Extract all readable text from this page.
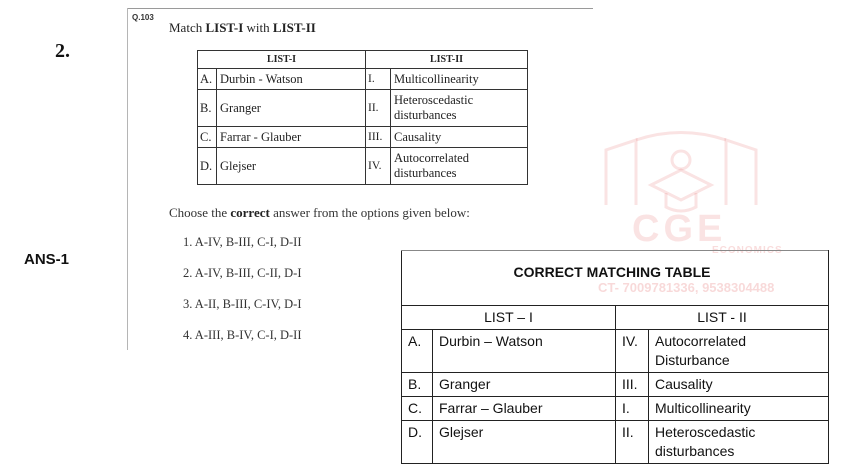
2.
ANS-1
Q.103
Match LIST-I with LIST-II
LIST-I		LIST-II	
A.	Durbin - Watson	I.	Multicollinearity
B.	Granger	II.	Heteroscedastic disturbances
C.	Farrar - Glauber	III.	Causality
D.	Glejser	IV.	Autocorrelated disturbances
Choose the correct answer from the options given below:
1. A-IV, B-III, C-I, D-II
2. A-IV, B-III, C-II, D-I
3. A-II, B-III, C-IV, D-I
4. A-III, B-IV, C-I, D-II
CGE
ECONOMICS
CORRECT MATCHING TABLE			
LIST – I		LIST - II	
A.	Durbin – Watson	IV.	Autocorrelated Disturbance
B.	Granger	III.	Causality
C.	Farrar – Glauber	I.	Multicollinearity
D.	Glejser	II.	Heteroscedastic disturbances
CT- 7009781336, 9538304488
